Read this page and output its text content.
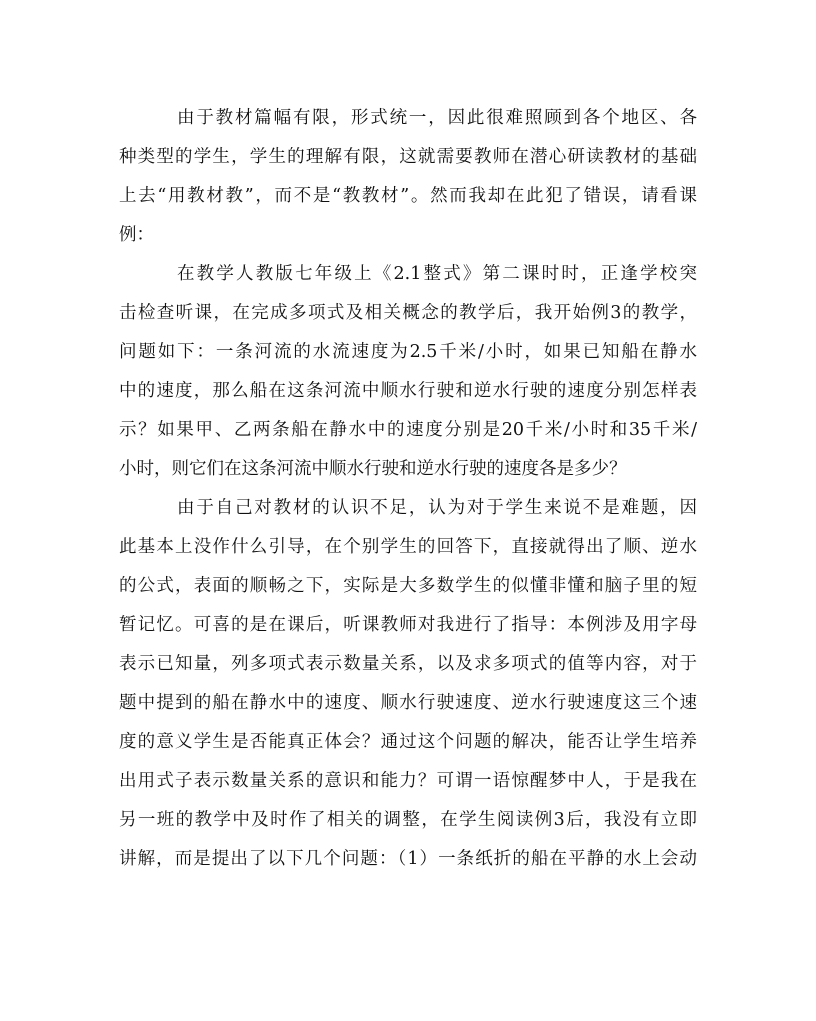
由于教材篇幅有限，形式统一，因此很难照顾到各个地区、各

种类型的学生，学生的理解有限，这就需要教师在潜心研读教材的基础

上去“用教材教”，而不是“教教材”。然而我却在此犯了错误，请看课

例：

在教学人教版七年级上《2.1整式》第二课时时，正逢学校突

击检查听课，在完成多项式及相关概念的教学后，我开始例3的教学，

问题如下：一条河流的水流速度为2.5千米/小时，如果已知船在静水

中的速度，那么船在这条河流中顺水行驶和逆水行驶的速度分别怎样表

示？如果甲、乙两条船在静水中的速度分别是20千米/小时和35千米/

小时，则它们在这条河流中顺水行驶和逆水行驶的速度各是多少？

由于自己对教材的认识不足，认为对于学生来说不是难题，因

此基本上没作什么引导，在个别学生的回答下，直接就得出了顺、逆水

的公式，表面的顺畅之下，实际是大多数学生的似懂非懂和脑子里的短

暂记忆。可喜的是在课后，听课教师对我进行了指导：本例涉及用字母

表示已知量，列多项式表示数量关系，以及求多项式的值等内容，对于

题中提到的船在静水中的速度、顺水行驶速度、逆水行驶速度这三个速

度的意义学生是否能真正体会？通过这个问题的解决，能否让学生培养

出用式子表示数量关系的意识和能力？可谓一语惊醒梦中人，于是我在

另一班的教学中及时作了相关的调整，在学生阅读例3后，我没有立即

讲解，而是提出了以下几个问题：（1）一条纸折的船在平静的水上会动
